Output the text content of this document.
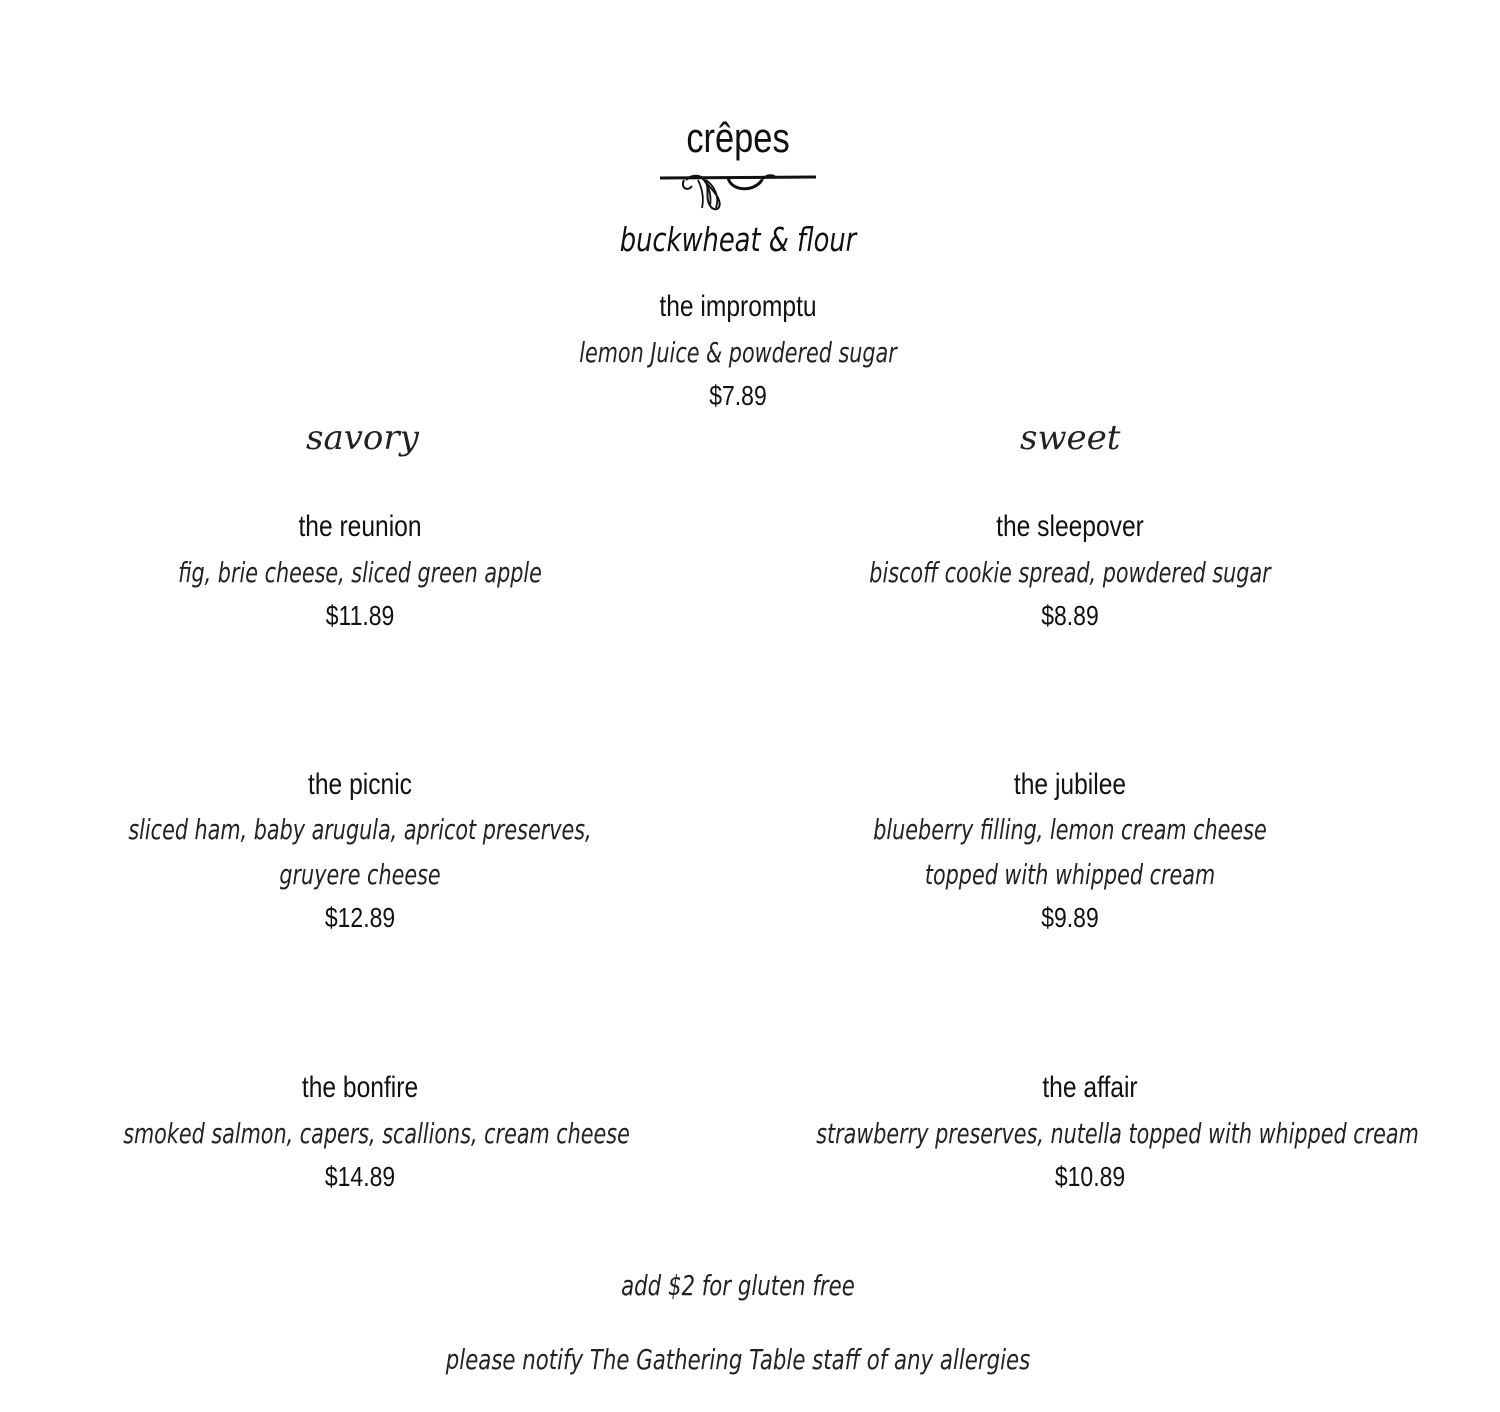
crêpes
buckwheat & flour
the impromptu
lemon Juice & powdered sugar
$7.89
savory	sweet
the reunion
fig, brie cheese, sliced green apple
$11.89
the picnic
sliced ham, baby arugula, apricot preserves,
gruyere cheese
$12.89
the bonfire
smoked salmon, capers, scallions, cream cheese
$14.89
the sleepover
biscoff cookie spread, powdered sugar
$8.89
the jubilee
blueberry filling, lemon cream cheese
topped with whipped cream
$9.89
the affair
strawberry preserves, nutella topped with whipped cream
$10.89
add $2 for gluten free
please notify The Gathering Table staff of any allergies
